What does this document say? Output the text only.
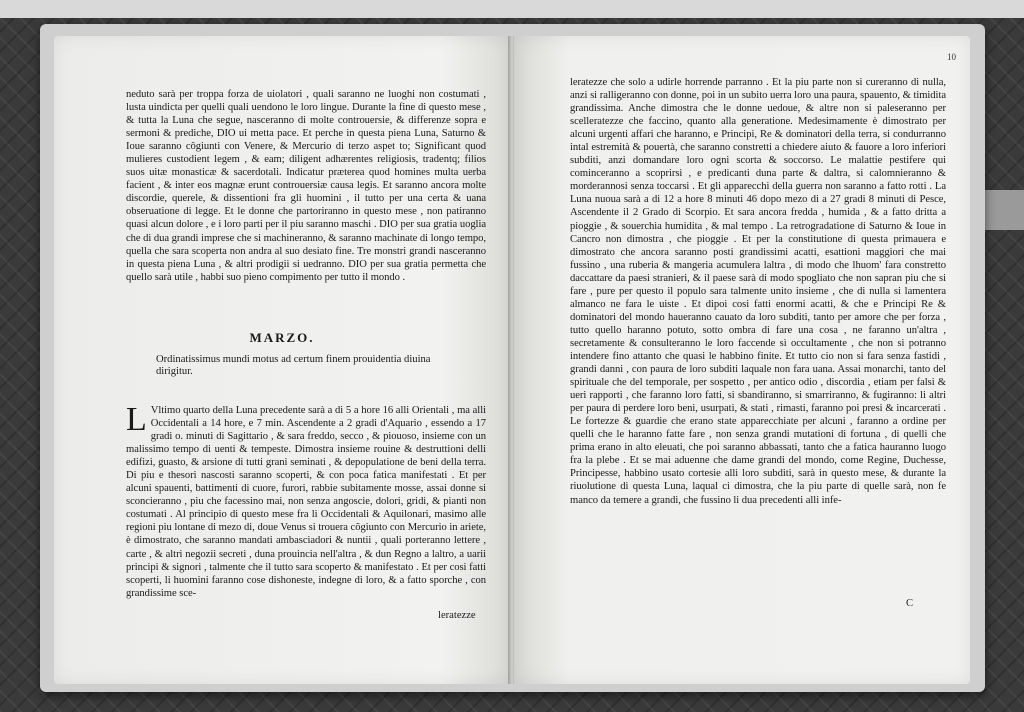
neduto sarà per troppa forza de uiolatori , quali saranno ne luoghi non costumati , lusta uindicta per quelli quali uendono le loro lingue. Durante la fine di questo mese , & tutta la Luna che segue, nasceranno di molte controuersie, & differenze sopra e sermoni & prediche, DIO ui metta pace. Et perche in questa piena Luna, Saturno & Ioue saranno côgiunti con Venere, & Mercurio di terzo aspet to; Significant quod mulieres custodient legem , & eam; diligent adhærentes religiosis, tradentq; filios suos uitæ monasticæ & sacerdotali. Indicatur præterea quod homines multa uerba facient , & inter eos magnæ erunt controuersiæ causa legis. Et saranno ancora molte discordie, querele, & dissentioni fra gli huomini , il tutto per una certa & uana obseruatione di legge. Et le donne che partoriranno in questo mese , non patiranno quasi alcun dolore , e i loro parti per il piu saranno maschi . DIO per sua gratia uoglia che di dua grandi imprese che si machineranno, & saranno machinate di longo tempo, quella che sara scoperta non andra al suo desiato fine. Tre monstri grandi nasceranno in questa piena Luna , & altri prodigii si uedranno. DIO per sua gratia permetta che quello sarà utile , habbi suo pieno compimento per tutto il mondo .

MARZO.
Ordinatissimus mundi motus ad certum finem prouidentia diuina dirigitur.
L Vltimo quarto della Luna precedente sarà a di 5 a hore 16 alli Orientali , ma alli Occidentali a 14 hore, e 7 min. Ascendente a 2 gradi d'Aquario , essendo a 17 gradi o. minuti di Sagittario , & sara freddo, secco , & piouoso, insieme con un malissimo tempo di uenti & tempeste. Dimostra insieme rouine & destruttioni delli edifizi, guasto, & arsione di tutti grani seminati , & depopulatione de beni della terra. Di piu e thesori nascosti saranno scoperti, & con poca fatica manifestati . Et per alcuni spauenti, battimenti di cuore, furori, rabbie subitamente mosse, assai donne si sconcieranno , piu che facessino mai, non senza angoscie, dolori, gridi, & pianti non costumati . Al principio di questo mese fra li Occidentali & Aquilonari, masimo alle regioni piu lontane di mezo di, doue Venus si trouera cõgiunto con Mercurio in ariete, è dimostrato, che saranno mandati ambasciadori & nuntii , quali porteranno lettere , carte , & altri negozii secreti , duna prouincia nell'altra , & dun Regno a laltro, a uarii principi & signori , talmente che il tutto sara scoperto & manifestato . Et per cosi fatti scoperti, li huomini faranno cose dishoneste, indegne di loro, & a fatto sporche , con grandissime sce-

leratezze
10

leratezze che solo a udirle horrende parranno . Et la piu parte non si cureranno di nulla, anzi si ralligeranno con donne, poi in un subito uerra loro una paura, spauento, & timidita grandissima. Anche dimostra che le donne uedoue, & altre non si paleseranno per scelleratezze che faccino, quanto alla generatione. Medesimamente è dimostrato per alcuni urgenti affari che haranno, e Principi, Re & dominatori della terra, si condurranno intal estremità & pouertà, che saranno constretti a chiedere aiuto & fauore a loro inferiori subditi, anzi domandare loro ogni scorta & soccorso. Le malattie pestifere qui cominceranno a scoprirsi , e predicanti duna parte & daltra, si calomnieranno & morderannosi senza toccarsi . Et gli apparecchi della guerra non saranno a fatto rotti . La Luna nuoua sarà a di 12 a hore 8 minuti 46 dopo mezo di a 27 gradi 8 minuti di Pesce, Ascendente il 2 Grado di Scorpio. Et sara ancora fredda , humida , & a fatto dritta a pioggie , & souerchia humidita , & mal tempo . La retrogradatione di Saturno & Ioue in Cancro non dimostra , che pioggie . Et per la constitutione di questa primauera e dimostrato che ancora saranno posti grandissimi acatti, esattioni maggiori che mai fussino , una ruberia & mangeria acumulera laltra , di modo che lhuom' fara constretto daccattare da paesi stranieri, & il paese sarà di modo spogliato che non sapran piu che si fare , pure per questo il populo sara talmente unito insieme , che di nulla si lamentera almanco ne fara le uiste . Et dipoi cosi fatti enormi acatti, & che e Principi Re & dominatori del mondo haueranno cauato da loro subditi, tanto per amore che per forza , tutto quello haranno potuto, sotto ombra di fare una cosa , ne faranno un'altra , secretamente & consulteranno le loro faccende sì occultamente , che non si potranno intendere fino attanto che quasi le habbino finite. Et tutto cio non si fara senza fastidi , grandi danni , con paura de loro subditi laquale non fara uana. Assai monarchi, tanto del spirituale che del temporale, per sospetto , per antico odio , discordia , etiam per falsi & ueri rapporti , che faranno loro fatti, si sbandiranno, si smarriranno, & fugiranno: li altri per paura di perdere loro beni, usurpati, & stati , rimasti, faranno poi presi & incarcerati . Le fortezze & guardie che erano state apparecchiate per alcuni , faranno a ordine per quelli che le haranno fatte fare , non senza grandi mutationi di fortuna , di quelli che prima erano in alto eleuati, che poi saranno abbassati, tanto che a fatica hauranno luogo fra la plebe . Et se mai aduenne che dame grandi del mondo, come Regine, Duchesse, Principesse, habbino usato cortesie alli loro subditi, sarà in questo mese, & durante la riuolutione di questa Luna, laqual ci dimostra, che la piu parte di quelle sarà, non fe manco da temere a grandi, che fussino li dua precedenti alli infe-

C
